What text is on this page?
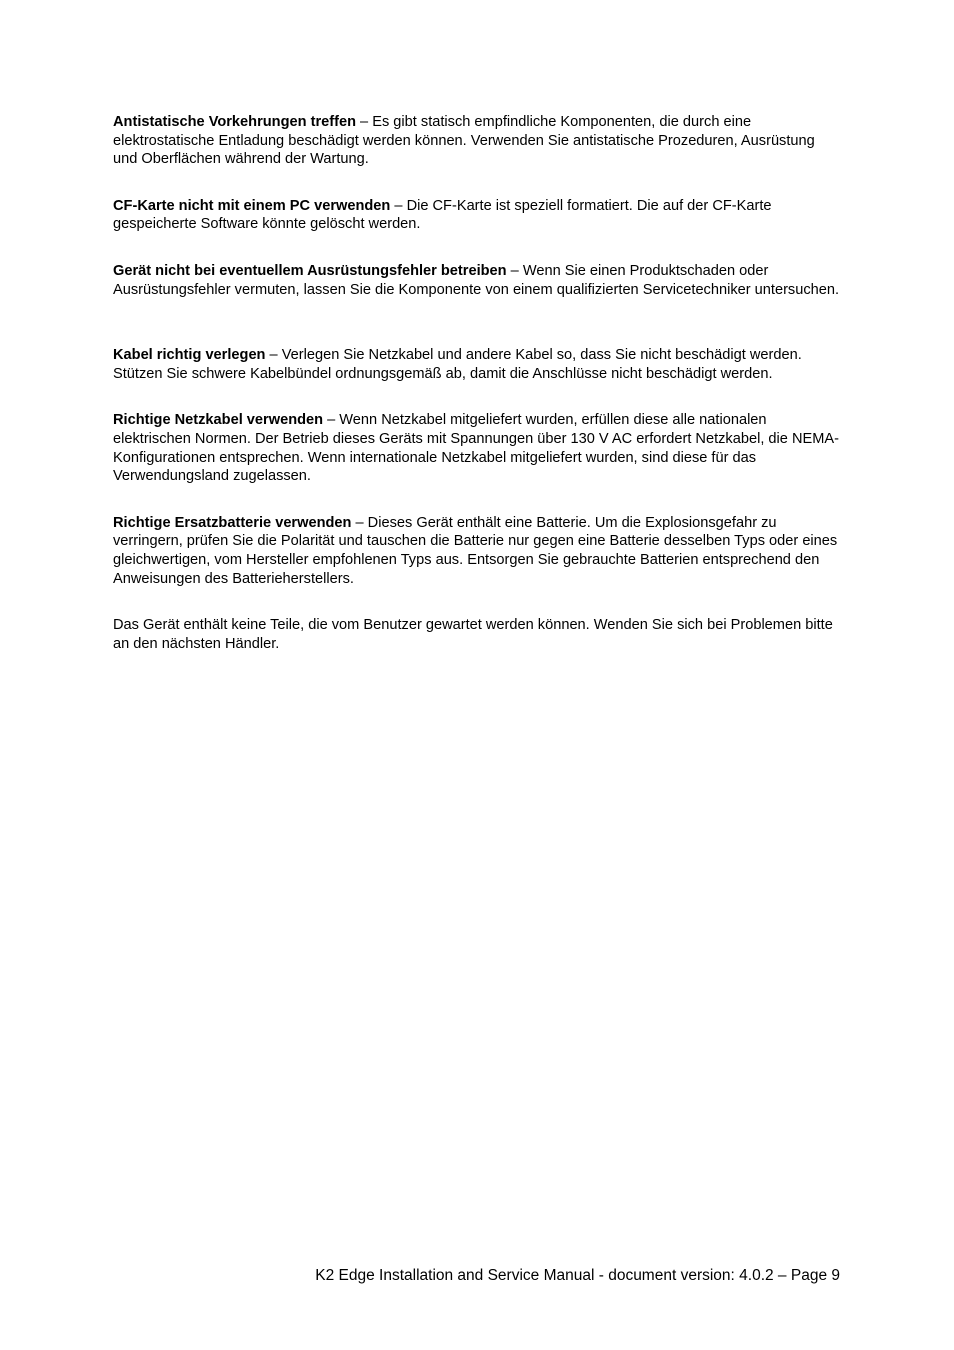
Antistatische Vorkehrungen treffen – Es gibt statisch empfindliche Komponenten, die durch eine elektrostatische Entladung beschädigt werden können. Verwenden Sie antistatische Prozeduren, Ausrüstung und Oberflächen während der Wartung.

CF-Karte nicht mit einem PC verwenden – Die CF-Karte ist speziell formatiert. Die auf der CF-Karte gespeicherte Software könnte gelöscht werden.

Gerät nicht bei eventuellem Ausrüstungsfehler betreiben – Wenn Sie einen Produktschaden oder Ausrüstungsfehler vermuten, lassen Sie die Komponente von einem qualifizierten Servicetechniker untersuchen.

Kabel richtig verlegen – Verlegen Sie Netzkabel und andere Kabel so, dass Sie nicht beschädigt werden. Stützen Sie schwere Kabelbündel ordnungsgemäß ab, damit die Anschlüsse nicht beschädigt werden.

Richtige Netzkabel verwenden – Wenn Netzkabel mitgeliefert wurden, erfüllen diese alle nationalen elektrischen Normen. Der Betrieb dieses Geräts mit Spannungen über 130 V AC erfordert Netzkabel, die NEMA-Konfigurationen entsprechen. Wenn internationale Netzkabel mitgeliefert wurden, sind diese für das Verwendungsland zugelassen.

Richtige Ersatzbatterie verwenden – Dieses Gerät enthält eine Batterie. Um die Explosionsgefahr zu verringern, prüfen Sie die Polarität und tauschen die Batterie nur gegen eine Batterie desselben Typs oder eines gleichwertigen, vom Hersteller empfohlenen Typs aus. Entsorgen Sie gebrauchte Batterien entsprechend den Anweisungen des Batterieherstellers.

Das Gerät enthält keine Teile, die vom Benutzer gewartet werden können. Wenden Sie sich bei Problemen bitte an den nächsten Händler.

K2 Edge Installation and Service Manual - document version: 4.0.2 – Page 9
